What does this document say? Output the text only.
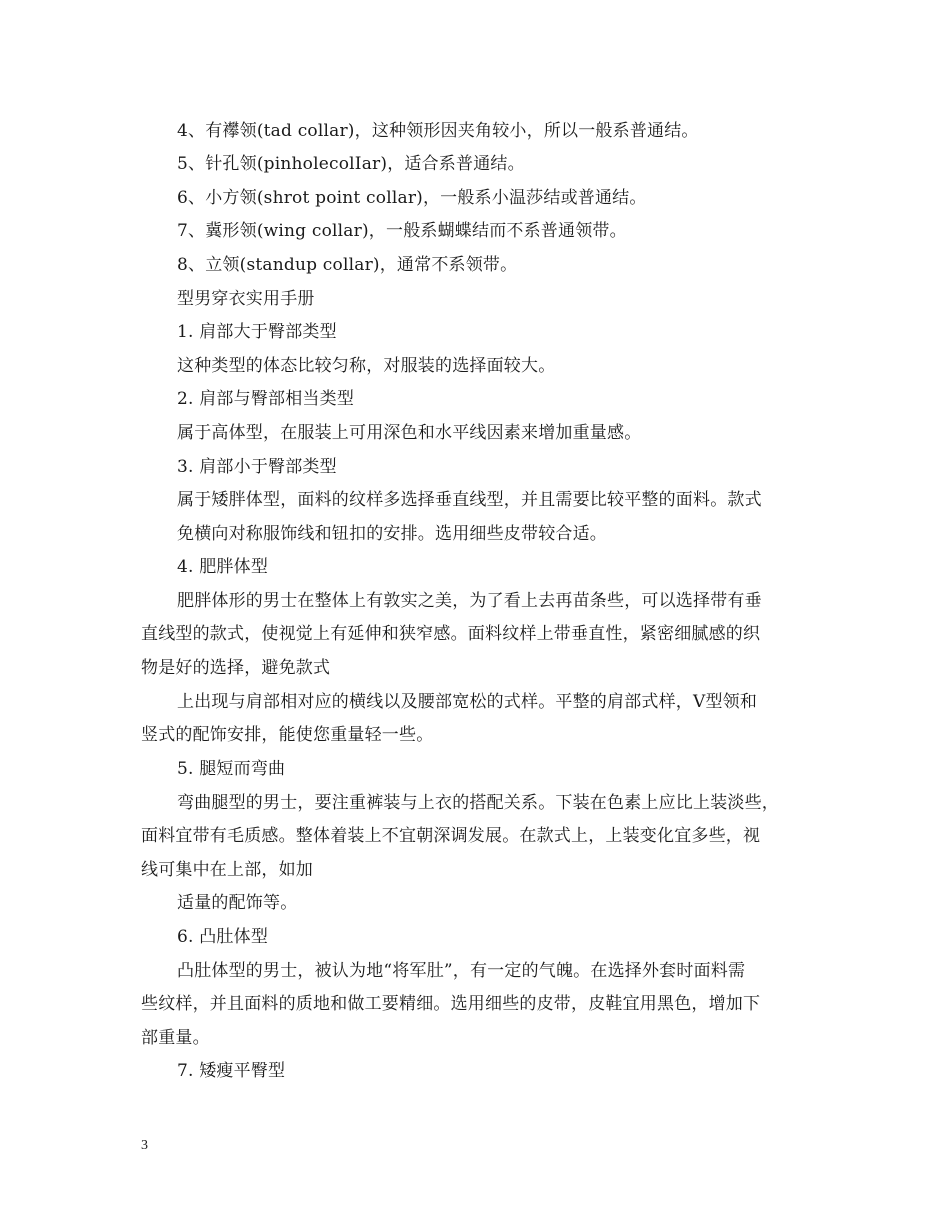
4、有襻领(tad collar)，这种领形因夹角较小，所以一般系普通结。
5、针孔领(pinholecolIar)，适合系普通结。
6、小方领(shrot point collar)，一般系小温莎结或普通结。
7、冀形领(wing collar)，一般系蝴蝶结而不系普通领带。
8、立领(standup collar)，通常不系领带。
型男穿衣实用手册
1. 肩部大于臀部类型
这种类型的体态比较匀称，对服装的选择面较大。
2. 肩部与臀部相当类型
属于高体型，在服装上可用深色和水平线因素来增加重量感。
3. 肩部小于臀部类型
属于矮胖体型，面料的纹样多选择垂直线型，并且需要比较平整的面料。款式
免横向对称服饰线和钮扣的安排。选用细些皮带较合适。
4. 肥胖体型
肥胖体形的男士在整体上有敦实之美，为了看上去再苗条些，可以选择带有垂
直线型的款式，使视觉上有延伸和狭窄感。面料纹样上带垂直性，紧密细腻感的织
物是好的选择，避免款式
上出现与肩部相对应的横线以及腰部宽松的式样。平整的肩部式样，V型领和
竖式的配饰安排，能使您重量轻一些。
5. 腿短而弯曲
弯曲腿型的男士，要注重裤装与上衣的搭配关系。下装在色素上应比上装淡些，
面料宜带有毛质感。整体着装上不宜朝深调发展。在款式上，上装变化宜多些，视
线可集中在上部，如加
适量的配饰等。
6. 凸肚体型
凸肚体型的男士，被认为地“将军肚”，有一定的气魄。在选择外套时面料需
些纹样，并且面料的质地和做工要精细。选用细些的皮带，皮鞋宜用黑色，增加下
部重量。
7. 矮瘦平臀型
3
